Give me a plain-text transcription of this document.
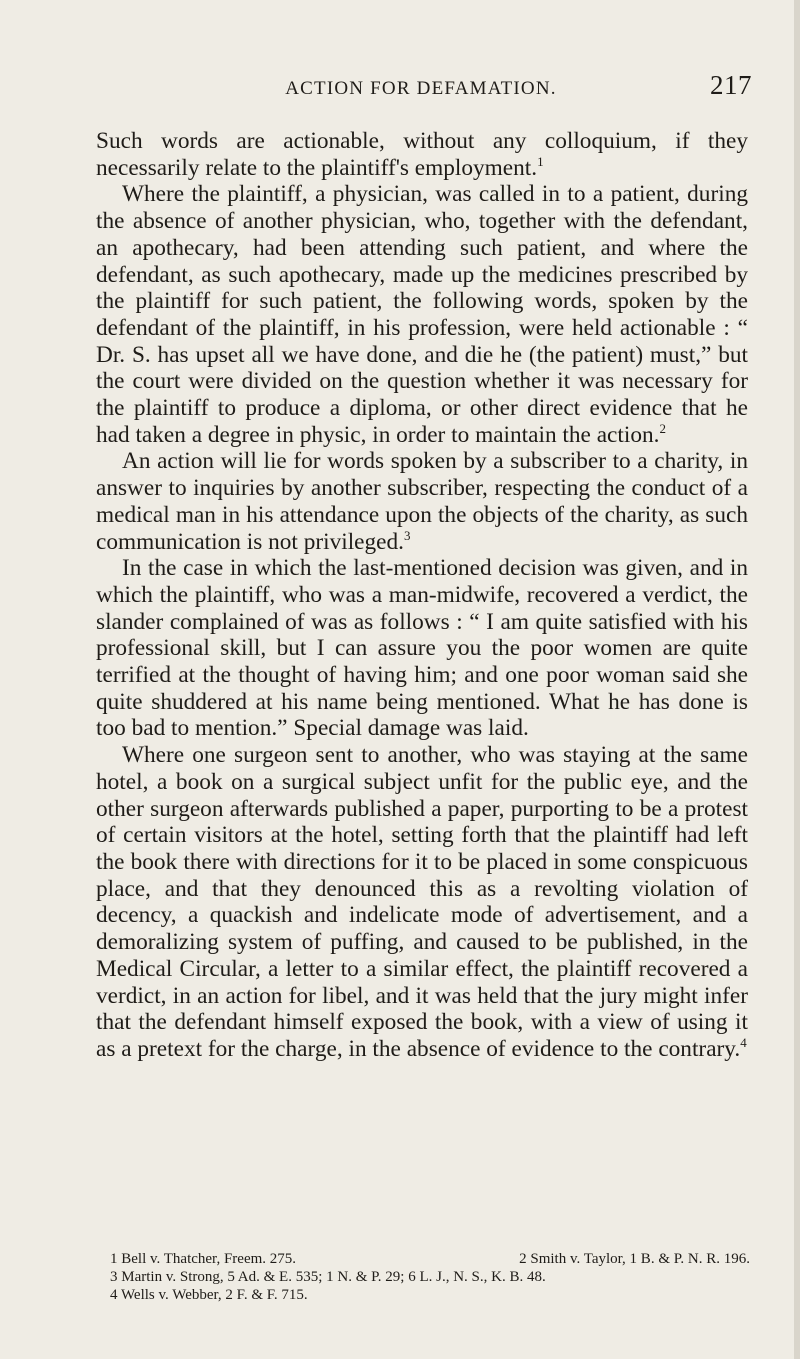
ACTION FOR DEFAMATION.	217

Such words are actionable, without any colloquium, if they necessarily relate to the plaintiff's employment.$^1$

Where the plaintiff, a physician, was called in to a patient, during the absence of another physician, who, together with the defendant, an apothecary, had been attending such patient, and where the defendant, as such apothecary, made up the medicines prescribed by the plaintiff for such patient, the following words, spoken by the defendant of the plaintiff, in his profession, were held actionable : “ Dr. S. has upset all we have done, and die he (the patient) must,” but the court were divided on the question whether it was necessary for the plaintiff to produce a diploma, or other direct evidence that he had taken a degree in physic, in order to maintain the action.$^2$

An action will lie for words spoken by a subscriber to a charity, in answer to inquiries by another subscriber, respecting the conduct of a medical man in his attendance upon the objects of the charity, as such communication is not privileged.$^3$

In the case in which the last-mentioned decision was given, and in which the plaintiff, who was a man-midwife, recovered a verdict, the slander complained of was as follows : “ I am quite satisfied with his professional skill, but I can assure you the poor women are quite terrified at the thought of having him; and one poor woman said she quite shuddered at his name being mentioned. What he has done is too bad to mention.” Special damage was laid.

Where one surgeon sent to another, who was staying at the same hotel, a book on a surgical subject unfit for the public eye, and the other surgeon afterwards published a paper, purporting to be a protest of certain visitors at the hotel, setting forth that the plaintiff had left the book there with directions for it to be placed in some conspicuous place, and that they denounced this as a revolting violation of decency, a quackish and indelicate mode of advertisement, and a demoralizing system of puffing, and caused to be published, in the Medical Circular, a letter to a similar effect, the plaintiff recovered a verdict, in an action for libel, and it was held that the jury might infer that the defendant himself exposed the book, with a view of using it as a pretext for the charge, in the absence of evidence to the contrary.$^4$

1 Bell v. Thatcher, Freem. 275.	2 Smith v. Taylor, 1 B. & P. N. R. 196.
3 Martin v. Strong, 5 Ad. & E. 535; 1 N. & P. 29; 6 L. J., N. S., K. B. 48.
4 Wells v. Webber, 2 F. & F. 715.
